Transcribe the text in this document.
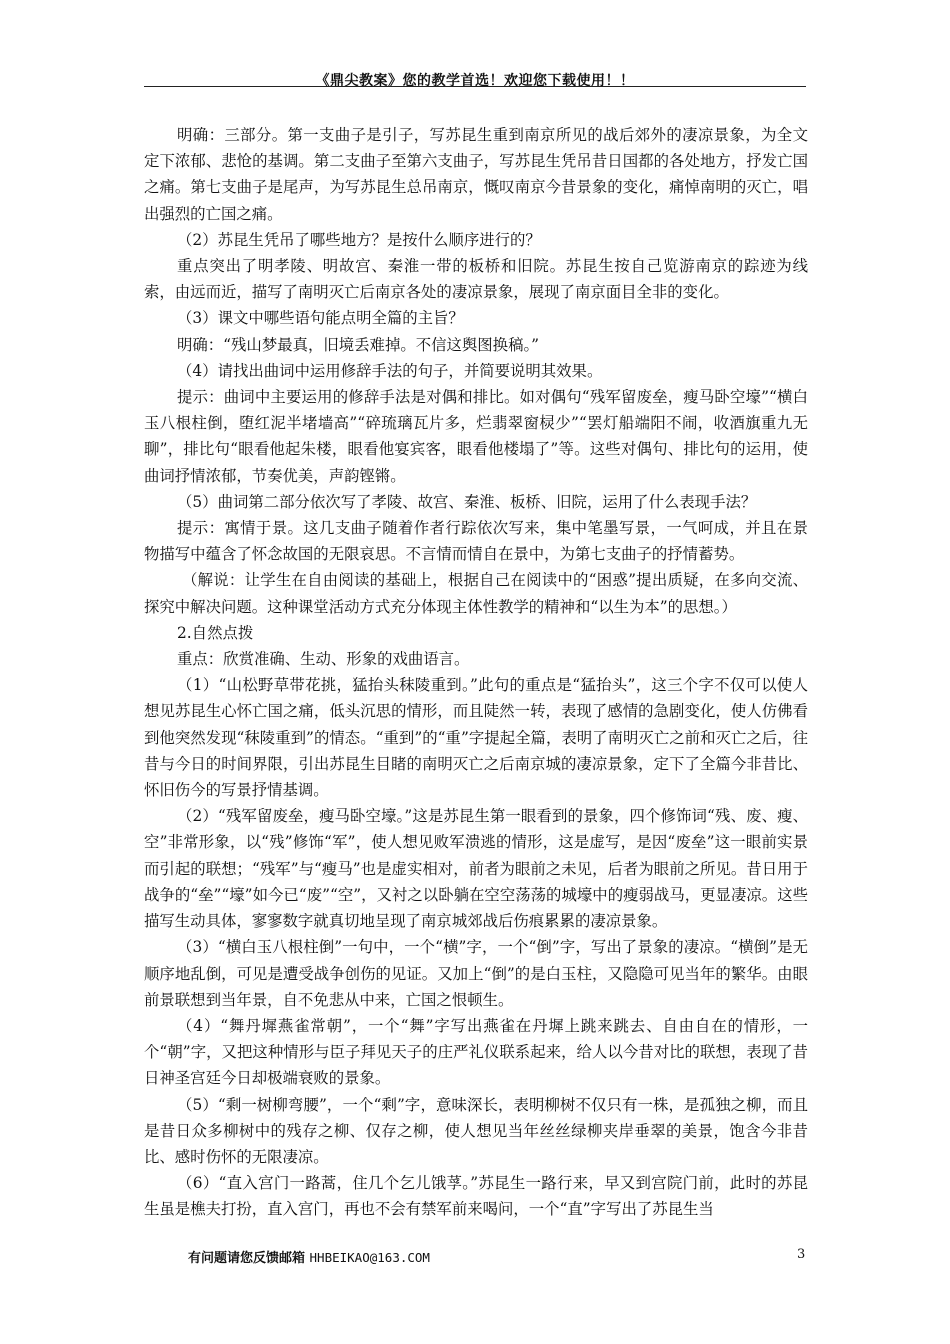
《鼎尖教案》您的教学首选！欢迎您下载使用！！

明确：三部分。第一支曲子是引子，写苏昆生重到南京所见的战后郊外的凄凉景象，为全文定下浓郁、悲怆的基调。第二支曲子至第六支曲子，写苏昆生凭吊昔日国都的各处地方，抒发亡国之痛。第七支曲子是尾声，为写苏昆生总吊南京，慨叹南京今昔景象的变化，痛悼南明的灭亡，唱出强烈的亡国之痛。

（2）苏昆生凭吊了哪些地方？是按什么顺序进行的？

重点突出了明孝陵、明故宫、秦淮一带的板桥和旧院。苏昆生按自己览游南京的踪迹为线索，由远而近，描写了南明灭亡后南京各处的凄凉景象，展现了南京面目全非的变化。

（3）课文中哪些语句能点明全篇的主旨？

明确：“残山梦最真，旧境丢难掉。不信这舆图换稿。”

（4）请找出曲词中运用修辞手法的句子，并简要说明其效果。

提示：曲词中主要运用的修辞手法是对偶和排比。如对偶句“残军留废垒，瘦马卧空壕”“横白玉八根柱倒，堕红泥半堵墙高”“碎琉璃瓦片多，烂翡翠窗棂少”“罢灯船端阳不闹，收酒旗重九无聊”，排比句“眼看他起朱楼，眼看他宴宾客，眼看他楼塌了”等。这些对偶句、排比句的运用，使曲词抒情浓郁，节奏优美，声韵铿锵。

（5）曲词第二部分依次写了孝陵、故宫、秦淮、板桥、旧院，运用了什么表现手法？

提示：寓情于景。这几支曲子随着作者行踪依次写来，集中笔墨写景，一气呵成，并且在景物描写中蕴含了怀念故国的无限哀思。不言情而情自在景中，为第七支曲子的抒情蓄势。

（解说：让学生在自由阅读的基础上，根据自己在阅读中的“困惑”提出质疑，在多向交流、探究中解决问题。这种课堂活动方式充分体现主体性教学的精神和“以生为本”的思想。）

2.自然点拨

重点：欣赏准确、生动、形象的戏曲语言。

（1）“山松野草带花挑，猛抬头秣陵重到。”此句的重点是“猛抬头”，这三个字不仅可以使人想见苏昆生心怀亡国之痛，低头沉思的情形，而且陡然一转，表现了感情的急剧变化，使人仿佛看到他突然发现“秣陵重到”的情态。“重到”的“重”字提起全篇，表明了南明灭亡之前和灭亡之后，往昔与今日的时间界限，引出苏昆生目睹的南明灭亡之后南京城的凄凉景象，定下了全篇今非昔比、怀旧伤今的写景抒情基调。

（2）“残军留废垒，瘦马卧空壕。”这是苏昆生第一眼看到的景象，四个修饰词“残、废、瘦、空”非常形象，以“残”修饰“军”，使人想见败军溃逃的情形，这是虚写，是因“废垒”这一眼前实景而引起的联想；“残军”与“瘦马”也是虚实相对，前者为眼前之未见，后者为眼前之所见。昔日用于战争的“垒”“壕”如今已“废”“空”，又衬之以卧躺在空空荡荡的城壕中的瘦弱战马，更显凄凉。这些描写生动具体，寥寥数字就真切地呈现了南京城郊战后伤痕累累的凄凉景象。

（3）“横白玉八根柱倒”一句中，一个“横”字，一个“倒”字，写出了景象的凄凉。“横倒”是无顺序地乱倒，可见是遭受战争创伤的见证。又加上“倒”的是白玉柱，又隐隐可见当年的繁华。由眼前景联想到当年景，自不免悲从中来，亡国之恨顿生。

（4）“舞丹墀燕雀常朝”，一个“舞”字写出燕雀在丹墀上跳来跳去、自由自在的情形，一个“朝”字，又把这种情形与臣子拜见天子的庄严礼仪联系起来，给人以今昔对比的联想，表现了昔日神圣宫廷今日却极端衰败的景象。

（5）“剩一树柳弯腰”，一个“剩”字，意味深长，表明柳树不仅只有一株，是孤独之柳，而且是昔日众多柳树中的残存之柳、仅存之柳，使人想见当年丝丝绿柳夹岸垂翠的美景，饱含今非昔比、感时伤怀的无限凄凉。

（6）“直入宫门一路蒿，住几个乞儿饿莩。”苏昆生一路行来，早又到宫院门前，此时的苏昆生虽是樵夫打扮，直入宫门，再也不会有禁军前来喝问，一个“直”字写出了苏昆生当

有问题请您反馈邮箱 HHBEIKAO@163.COM	3
